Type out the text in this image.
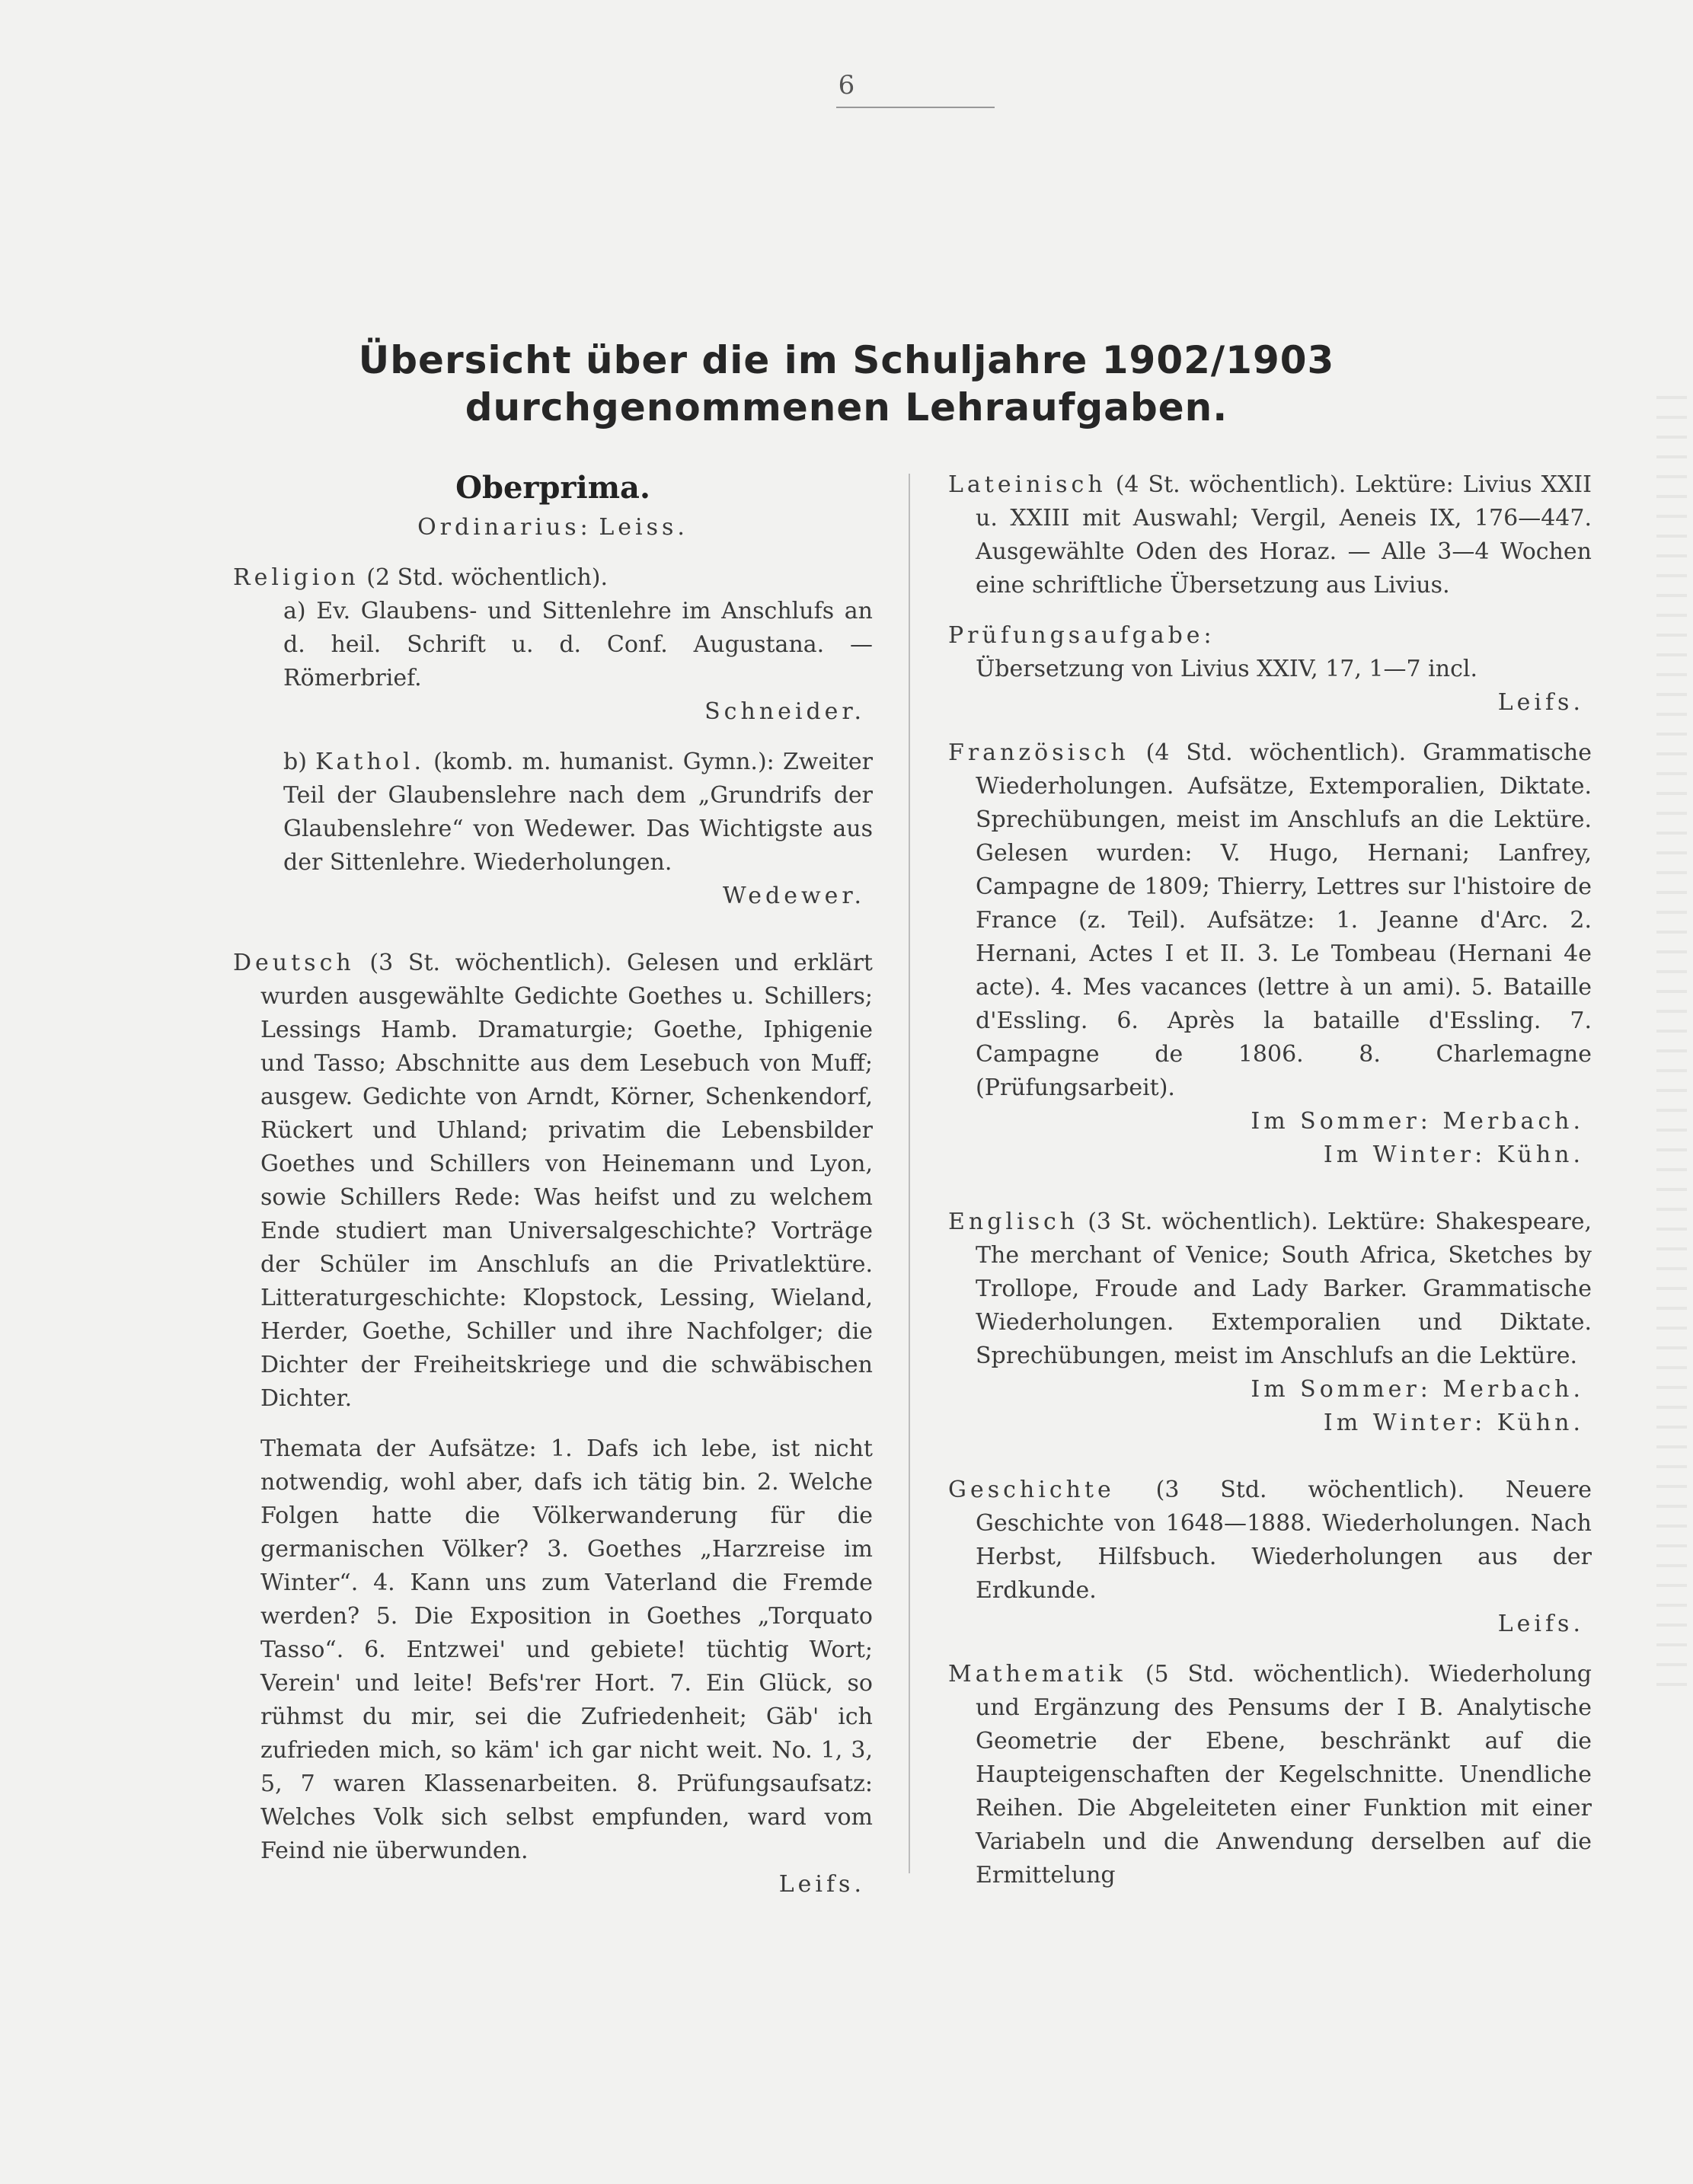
6
Übersicht über die im Schuljahre 1902/1903
durchgenommenen Lehraufgaben.
Oberprima.
Ordinarius: Leiss.
Religion (2 Std. wöchentlich).
a) Ev. Glaubens- und Sittenlehre im Anschlufs an d. heil. Schrift u. d. Conf. Augustana. — Römerbrief.
Schneider.
b) Kathol. (komb. m. humanist. Gymn.): Zweiter Teil der Glaubenslehre nach dem „Grundrifs der Glaubenslehre“ von Wedewer. Das Wichtigste aus der Sittenlehre. Wiederholungen.
Wedewer.
Deutsch (3 St. wöchentlich). Gelesen und erklärt wurden ausgewählte Gedichte Goethes u. Schillers; Lessings Hamb. Dramaturgie; Goethe, Iphigenie und Tasso; Abschnitte aus dem Lesebuch von Muff; ausgew. Gedichte von Arndt, Körner, Schenkendorf, Rückert und Uhland; privatim die Lebensbilder Goethes und Schillers von Heinemann und Lyon, sowie Schillers Rede: Was heifst und zu welchem Ende studiert man Universalgeschichte? Vorträge der Schüler im Anschlufs an die Privatlektüre. Litteraturgeschichte: Klopstock, Lessing, Wieland, Herder, Goethe, Schiller und ihre Nachfolger; die Dichter der Freiheitskriege und die schwäbischen Dichter.
Themata der Aufsätze: 1. Dafs ich lebe, ist nicht notwendig, wohl aber, dafs ich tätig bin. 2. Welche Folgen hatte die Völkerwanderung für die germanischen Völker? 3. Goethes „Harzreise im Winter“. 4. Kann uns zum Vaterland die Fremde werden? 5. Die Exposition in Goethes „Torquato Tasso“. 6. Entzwei' und gebiete! tüchtig Wort; Verein' und leite! Befs'rer Hort. 7. Ein Glück, so rühmst du mir, sei die Zufriedenheit; Gäb' ich zufrieden mich, so käm' ich gar nicht weit. No. 1, 3, 5, 7 waren Klassenarbeiten. 8. Prüfungsaufsatz: Welches Volk sich selbst empfunden, ward vom Feind nie überwunden.
Leifs.
Lateinisch (4 St. wöchentlich). Lektüre: Livius XXII u. XXIII mit Auswahl; Vergil, Aeneis IX, 176—447. Ausgewählte Oden des Horaz. — Alle 3—4 Wochen eine schriftliche Übersetzung aus Livius.
Prüfungsaufgabe:
Übersetzung von Livius XXIV, 17, 1—7 incl.
Leifs.
Französisch (4 Std. wöchentlich). Grammatische Wiederholungen. Aufsätze, Extemporalien, Diktate. Sprechübungen, meist im Anschlufs an die Lektüre. Gelesen wurden: V. Hugo, Hernani; Lanfrey, Campagne de 1809; Thierry, Lettres sur l'histoire de France (z. Teil). Aufsätze: 1. Jeanne d'Arc. 2. Hernani, Actes I et II. 3. Le Tombeau (Hernani 4e acte). 4. Mes vacances (lettre à un ami). 5. Bataille d'Essling. 6. Après la bataille d'Essling. 7. Campagne de 1806. 8. Charlemagne (Prüfungsarbeit).
Im Sommer: Merbach.
Im Winter: Kühn.
Englisch (3 St. wöchentlich). Lektüre: Shakespeare, The merchant of Venice; South Africa, Sketches by Trollope, Froude and Lady Barker. Grammatische Wiederholungen. Extemporalien und Diktate. Sprechübungen, meist im Anschlufs an die Lektüre.
Im Sommer: Merbach.
Im Winter: Kühn.
Geschichte (3 Std. wöchentlich). Neuere Geschichte von 1648—1888. Wiederholungen. Nach Herbst, Hilfsbuch. Wiederholungen aus der Erdkunde.
Leifs.
Mathematik (5 Std. wöchentlich). Wiederholung und Ergänzung des Pensums der I B. Analytische Geometrie der Ebene, beschränkt auf die Haupteigenschaften der Kegelschnitte. Unendliche Reihen. Die Abgeleiteten einer Funktion mit einer Variabeln und die Anwendung derselben auf die Ermittelung
